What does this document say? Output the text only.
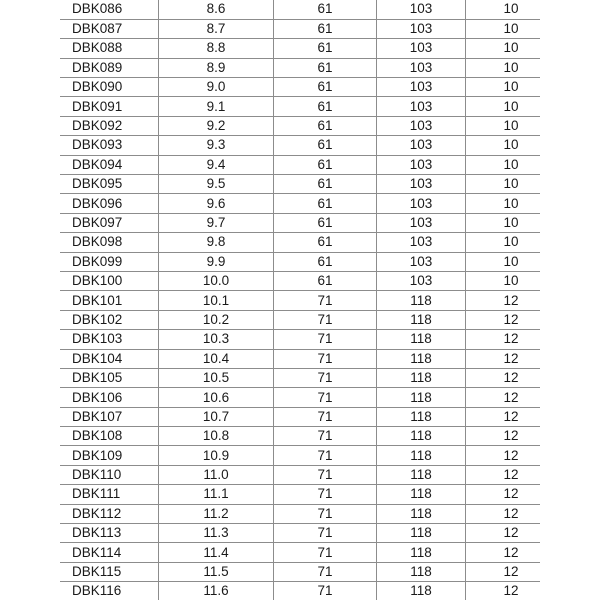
DBK086	8.6	61	103	10
DBK087	8.7	61	103	10
DBK088	8.8	61	103	10
DBK089	8.9	61	103	10
DBK090	9.0	61	103	10
DBK091	9.1	61	103	10
DBK092	9.2	61	103	10
DBK093	9.3	61	103	10
DBK094	9.4	61	103	10
DBK095	9.5	61	103	10
DBK096	9.6	61	103	10
DBK097	9.7	61	103	10
DBK098	9.8	61	103	10
DBK099	9.9	61	103	10
DBK100	10.0	61	103	10
DBK101	10.1	71	118	12
DBK102	10.2	71	118	12
DBK103	10.3	71	118	12
DBK104	10.4	71	118	12
DBK105	10.5	71	118	12
DBK106	10.6	71	118	12
DBK107	10.7	71	118	12
DBK108	10.8	71	118	12
DBK109	10.9	71	118	12
DBK110	11.0	71	118	12
DBK111	11.1	71	118	12
DBK112	11.2	71	118	12
DBK113	11.3	71	118	12
DBK114	11.4	71	118	12
DBK115	11.5	71	118	12
DBK116	11.6	71	118	12
